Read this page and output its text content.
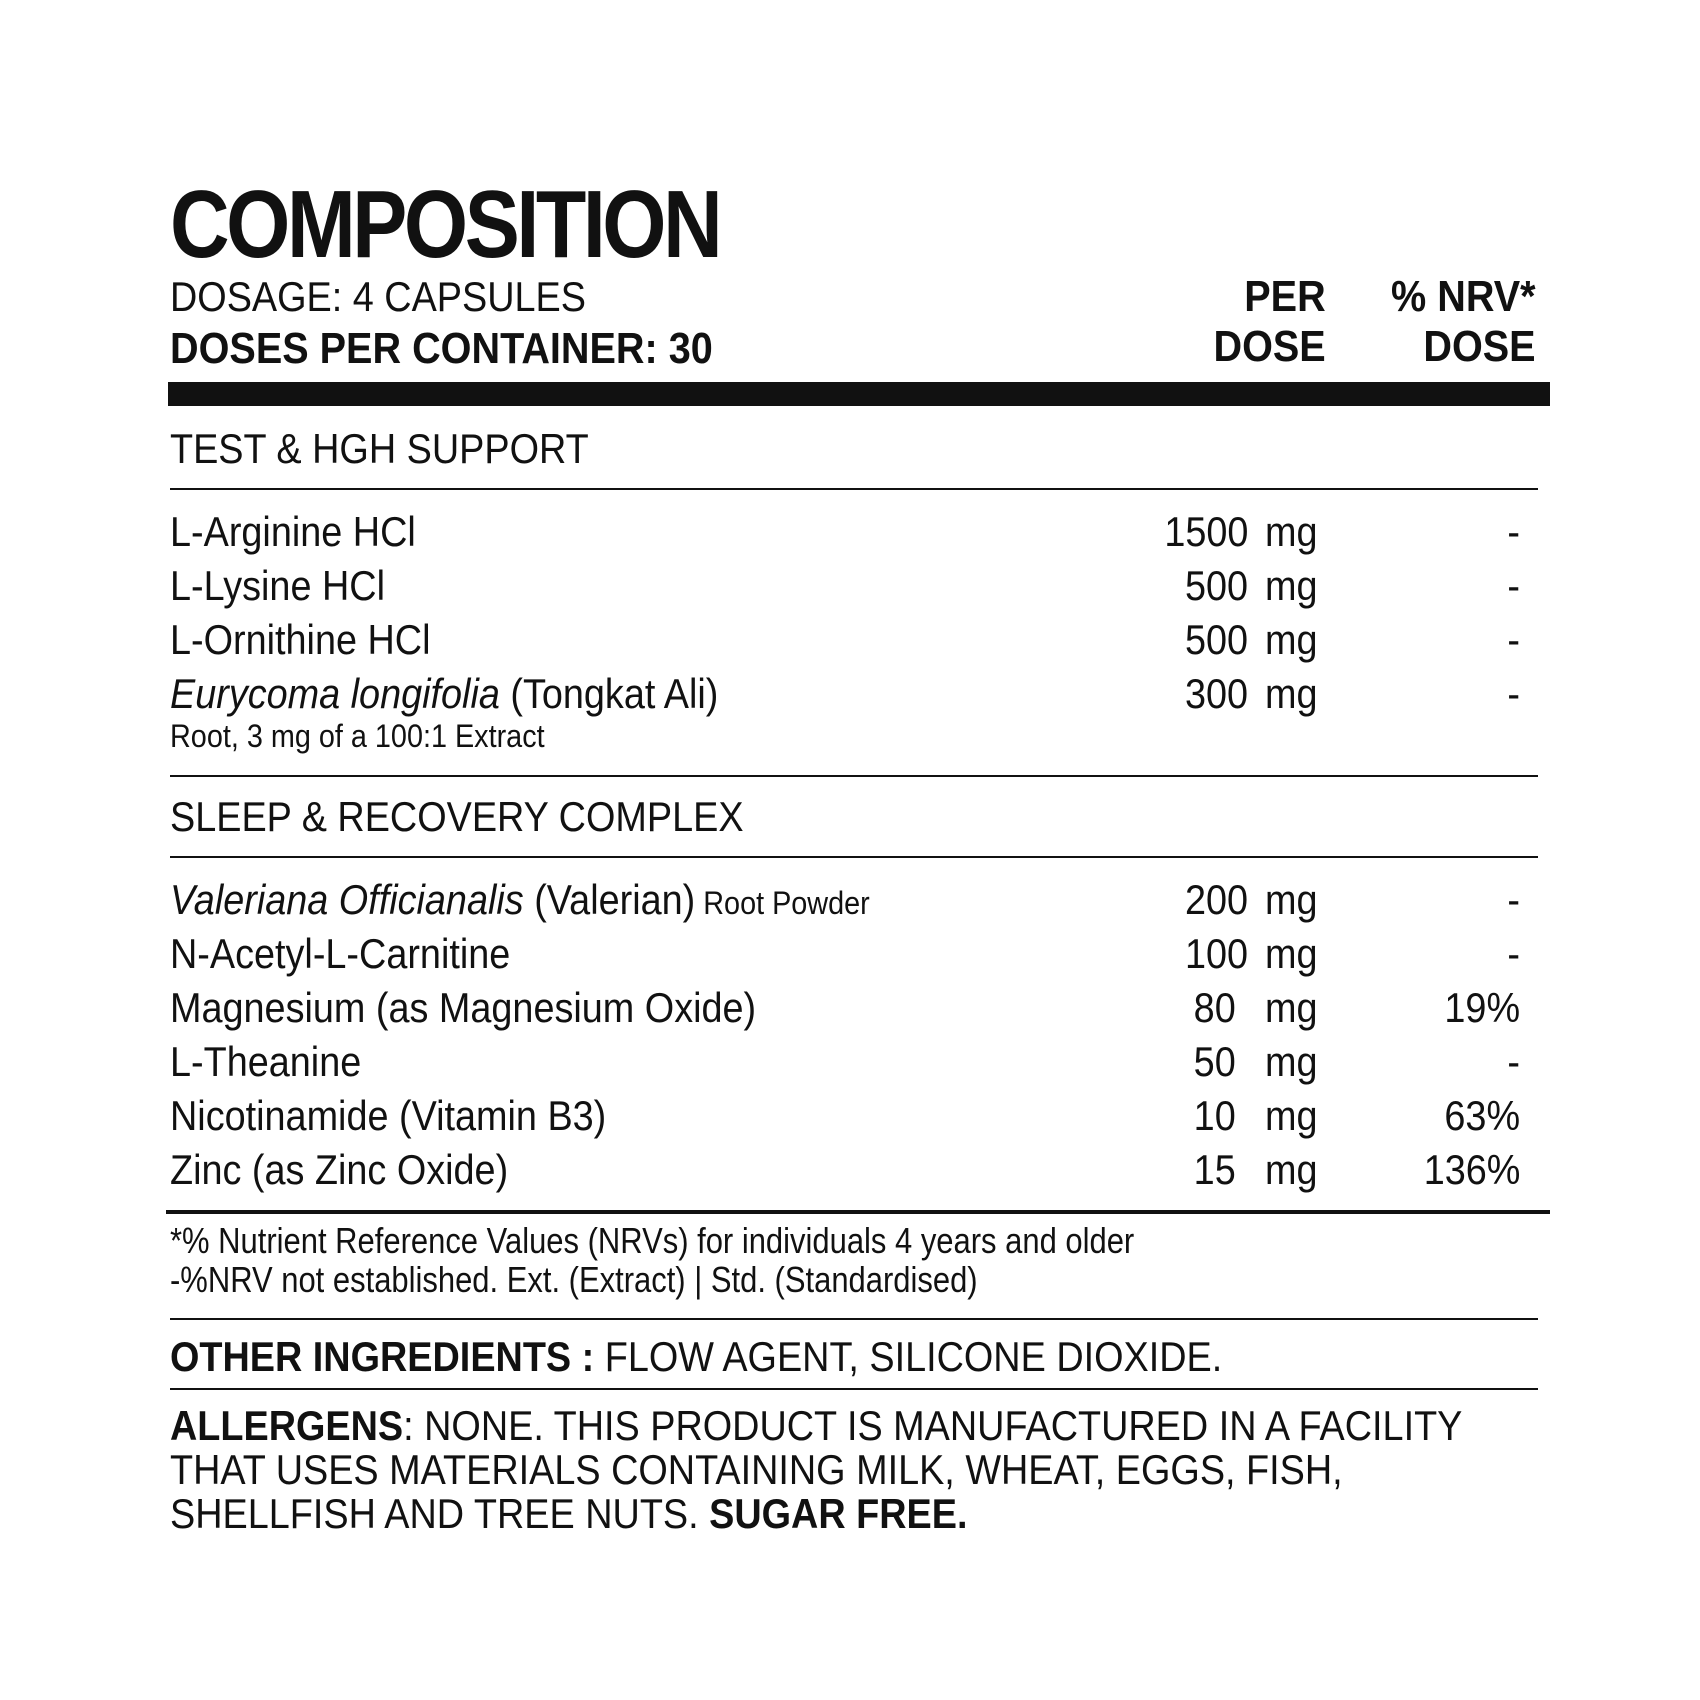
COMPOSITION
DOSAGE: 4 CAPSULES
DOSES PER CONTAINER: 30
PER
DOSE
% NRV*
DOSE
TEST & HGH SUPPORT
L-Arginine HCl	1500 mg	-
L-Lysine HCl	500 mg	-
L-Ornithine HCl	500 mg	-
Eurycoma longifolia (Tongkat Ali)	300 mg	-
Root, 3 mg of a 100:1 Extract
SLEEP & RECOVERY COMPLEX
Valeriana Officianalis (Valerian) Root Powder	200 mg	-
N-Acetyl-L-Carnitine	100 mg	-
Magnesium (as Magnesium Oxide)	80 mg	19%
L-Theanine	50 mg	-
Nicotinamide (Vitamin B3)	10 mg	63%
Zinc (as Zinc Oxide)	15 mg	136%
*% Nutrient Reference Values (NRVs) for individuals 4 years and older
-%NRV not established. Ext. (Extract) | Std. (Standardised)
OTHER INGREDIENTS : FLOW AGENT, SILICONE DIOXIDE.
ALLERGENS: NONE. THIS PRODUCT IS MANUFACTURED IN A FACILITY THAT USES MATERIALS CONTAINING MILK, WHEAT, EGGS, FISH, SHELLFISH AND TREE NUTS. SUGAR FREE.
